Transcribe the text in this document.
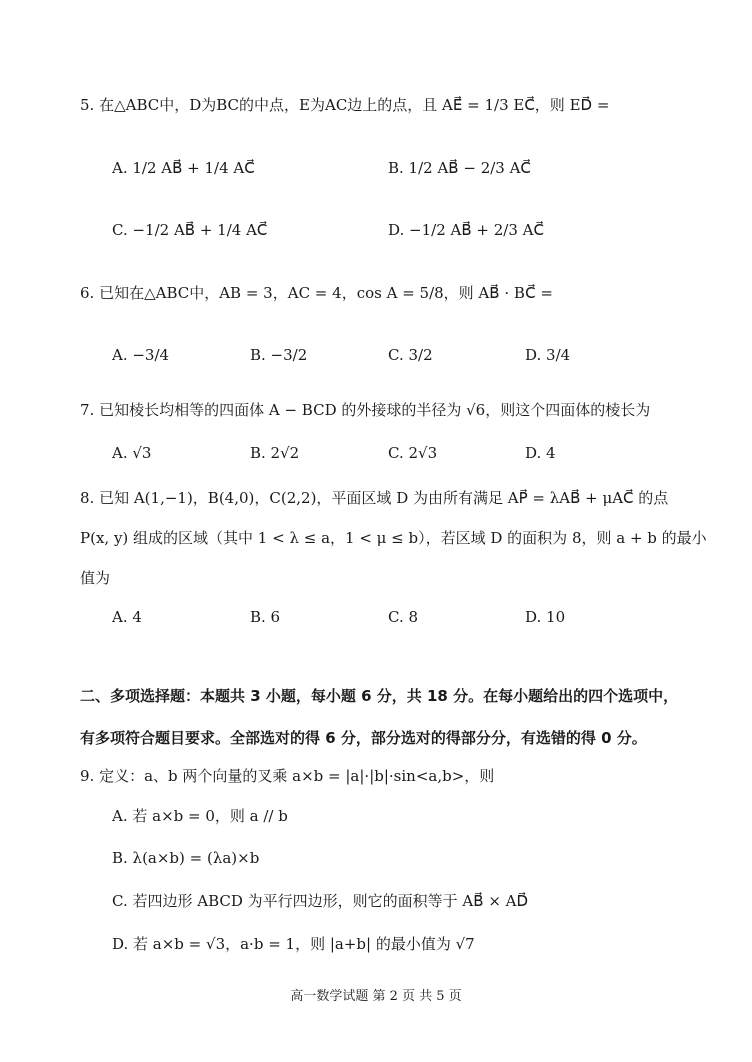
5. 在△ABC中，D为BC的中点，E为AC边上的点，且 AE⃗ = 1/3 EC⃗，则 ED⃗ =
A. 1/2 AB⃗ + 1/4 AC⃗	B. 1/2 AB⃗ − 2/3 AC⃗
C. −1/2 AB⃗ + 1/4 AC⃗	D. −1/2 AB⃗ + 2/3 AC⃗
6. 已知在△ABC中，AB = 3，AC = 4，cos A = 5/8，则 AB⃗ · BC⃗ =
A. −3/4	B. −3/2	C. 3/2	D. 3/4
7. 已知棱长均相等的四面体 A − BCD 的外接球的半径为 √6，则这个四面体的棱长为
A. √3	B. 2√2	C. 2√3	D. 4
8. 已知 A(1,−1)，B(4,0)，C(2,2)，平面区域 D 为由所有满足 AP⃗ = λAB⃗ + μAC⃗ 的点
P(x, y) 组成的区域（其中 1 < λ ≤ a，1 < μ ≤ b），若区域 D 的面积为 8，则 a + b 的最小
值为
A. 4	B. 6	C. 8	D. 10
二、多项选择题：本题共 3 小题，每小题 6 分，共 18 分。在每小题给出的四个选项中，
有多项符合题目要求。全部选对的得 6 分，部分选对的得部分分，有选错的得 0 分。
9. 定义：a、b 两个向量的叉乘 a×b = |a|·|b|·sin<a,b>，则
A. 若 a×b = 0，则 a // b
B. λ(a×b) = (λa)×b
C. 若四边形 ABCD 为平行四边形，则它的面积等于 AB⃗ × AD⃗
D. 若 a×b = √3，a·b = 1，则 |a+b| 的最小值为 √7
高一数学试题 第 2 页 共 5 页
